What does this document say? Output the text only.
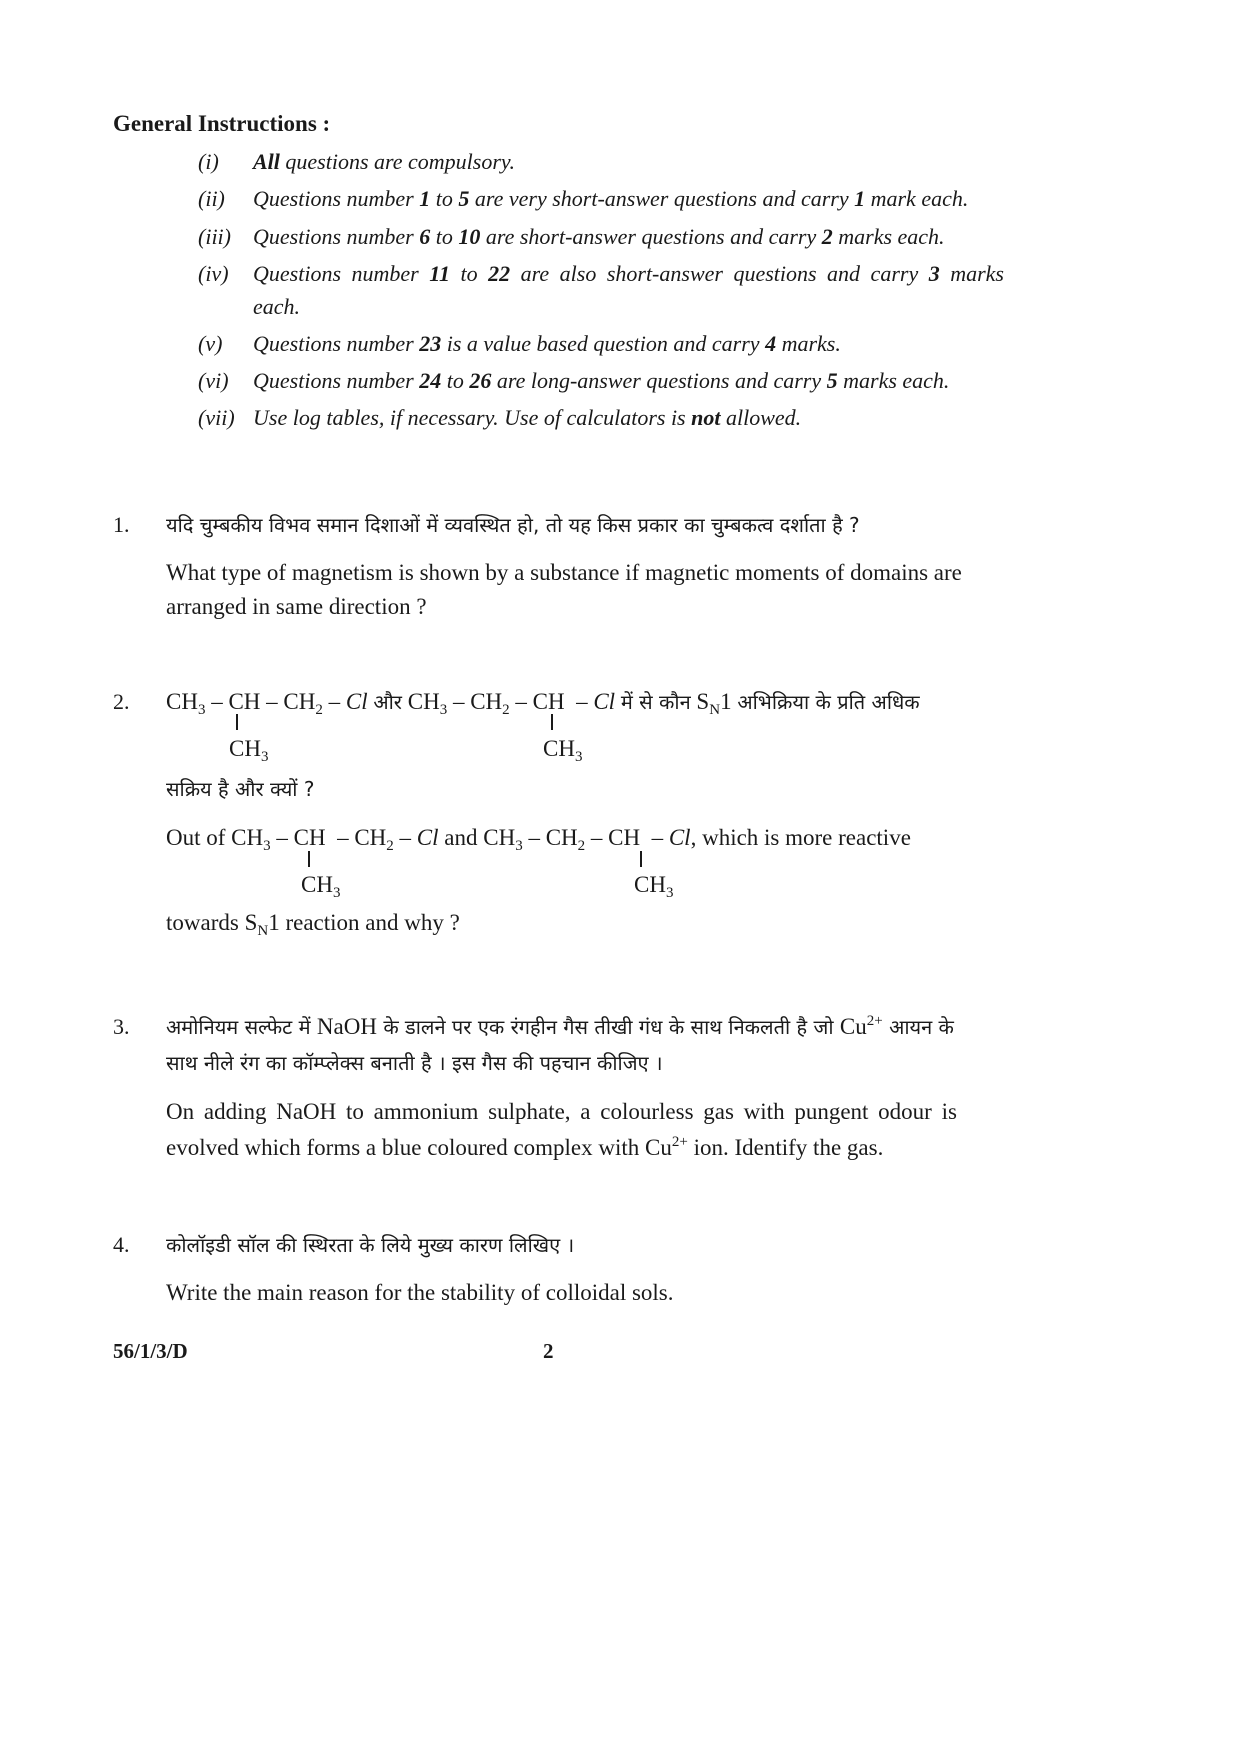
General Instructions :
(i) All questions are compulsory.
(ii) Questions number 1 to 5 are very short-answer questions and carry 1 mark each.
(iii) Questions number 6 to 10 are short-answer questions and carry 2 marks each.
(iv) Questions number 11 to 22 are also short-answer questions and carry 3 marks
each.
(v) Questions number 23 is a value based question and carry 4 marks.
(vi) Questions number 24 to 26 are long-answer questions and carry 5 marks each.
(vii) Use log tables, if necessary. Use of calculators is not allowed.
1. यदि चुम्बकीय विभव समान दिशाओं में व्यवस्थित हो, तो यह किस प्रकार का चुम्बकत्व दर्शाता है ?
What type of magnetism is shown by a substance if magnetic moments of domains are
arranged in same direction ?
2. $CH_3$ – CH – $CH_2$ – Cl और $CH_3 - CH_2$ – CH – Cl में से कौन $S_N1$ अभिक्रिया के प्रति अधिक
$CH_3$	$CH_3$
सक्रिय है और क्यों ?
Out of $CH_3$ – CH – $CH_2$ – Cl and $CH_3 - CH_2$ – CH – Cl, which is more reactive
$CH_3$	$CH_3$
towards $S_N1$ reaction and why ?
3. अमोनियम सल्फेट में NaOH के डालने पर एक रंगहीन गैस तीखी गंध के साथ निकलती है जो $Cu^{2+}$ आयन के
साथ नीले रंग का कॉम्प्लेक्स बनाती है । इस गैस की पहचान कीजिए ।
On adding NaOH to ammonium sulphate, a colourless gas with pungent odour is
evolved which forms a blue coloured complex with $Cu^{2+}$ ion. Identify the gas.
4. कोलॉइडी सॉल की स्थिरता के लिये मुख्य कारण लिखिए ।
Write the main reason for the stability of colloidal sols.
56/1/3/D	2
